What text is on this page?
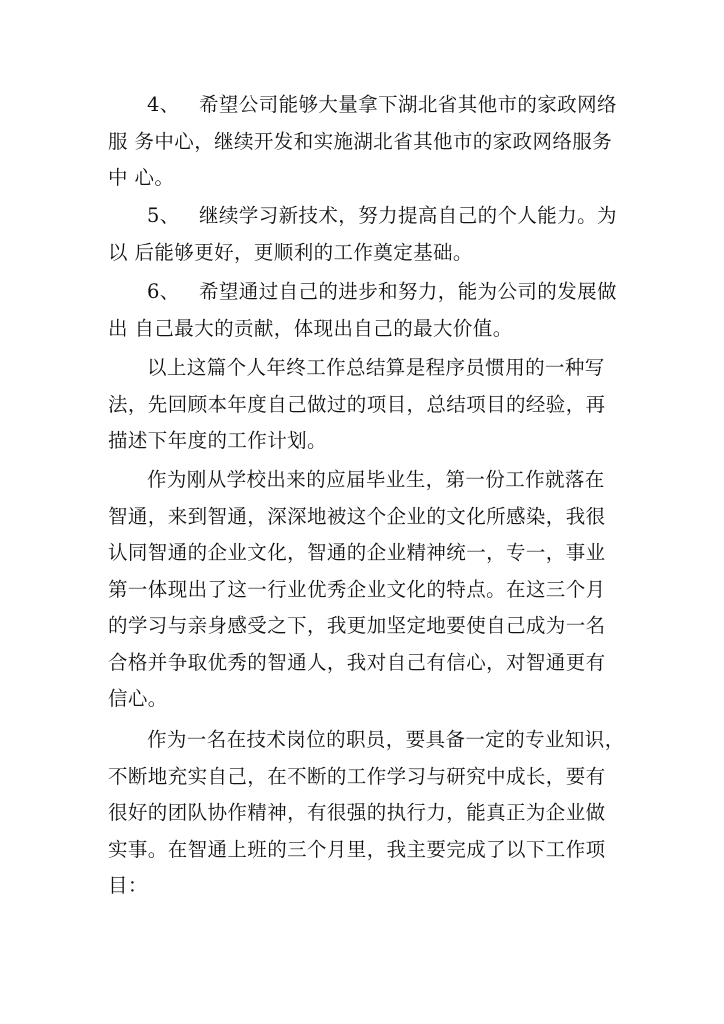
4、 希望公司能够大量拿下湖北省其他市的家政网络
服 务中心，继续开发和实施湖北省其他市的家政网络服务
中 心。
5、 继续学习新技术，努力提高自己的个人能力。为
以 后能够更好，更顺利的工作奠定基础。
6、 希望通过自己的进步和努力，能为公司的发展做
出 自己最大的贡献，体现出自己的最大价值。
以上这篇个人年终工作总结算是程序员惯用的一种写
法，先回顾本年度自己做过的项目，总结项目的经验，再
描述下年度的工作计划。
作为刚从学校出来的应届毕业生，第一份工作就落在
智通，来到智通，深深地被这个企业的文化所感染，我很
认同智通的企业文化，智通的企业精神统一，专一，事业
第一体现出了这一行业优秀企业文化的特点。在这三个月
的学习与亲身感受之下，我更加坚定地要使自己成为一名
合格并争取优秀的智通人，我对自己有信心，对智通更有
信心。
作为一名在技术岗位的职员，要具备一定的专业知识，
不断地充实自己，在不断的工作学习与研究中成长，要有
很好的团队协作精神，有很强的执行力，能真正为企业做
实事。在智通上班的三个月里，我主要完成了以下工作项
目：
